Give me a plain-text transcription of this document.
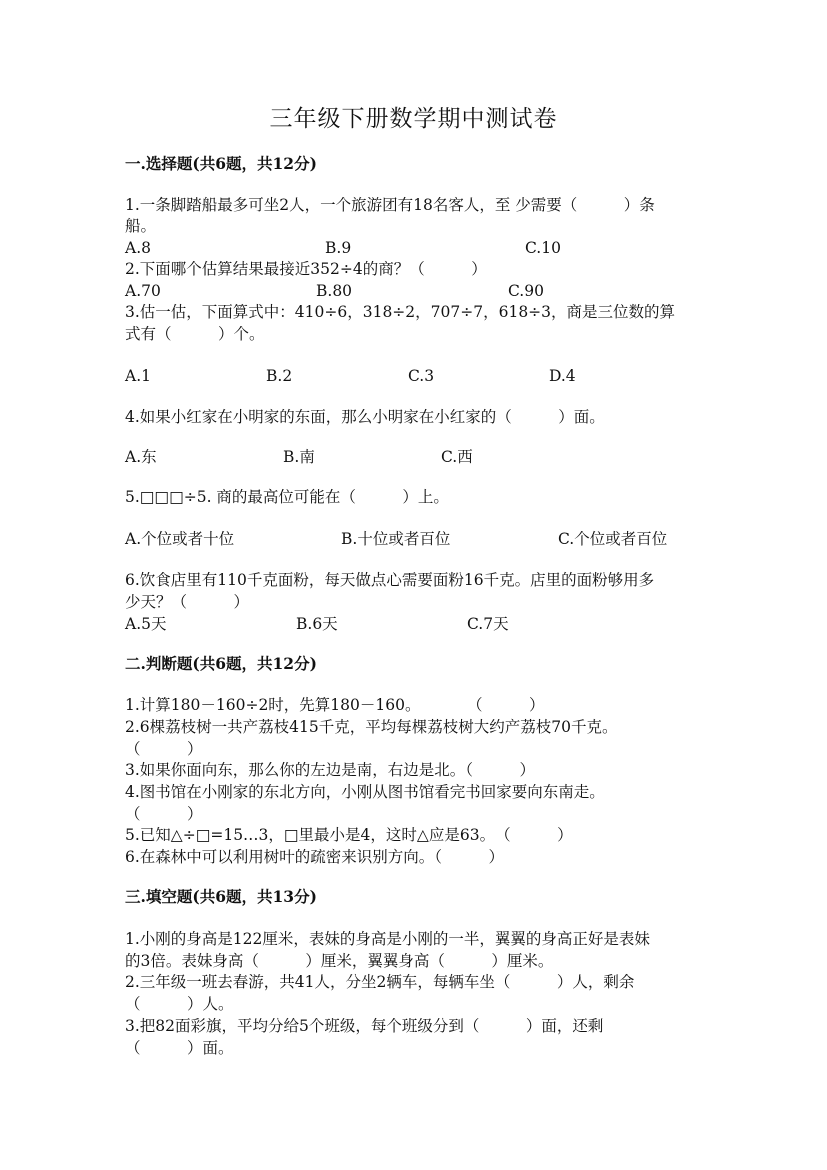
三年级下册数学期中测试卷
一.选择题(共6题，共12分)
1.一条脚踏船最多可坐2人，一个旅游团有18名客人，至 少需要（　　　）条
船。
A.8	B.9	C.10
2.下面哪个估算结果最接近352÷4的商？（　　　）
A.70	B.80	C.90
3.估一估，下面算式中：410÷6，318÷2，707÷7，618÷3，商是三位数的算
式有（　　　）个。
A.1	B.2	C.3	D.4
4.如果小红家在小明家的东面，那么小明家在小红家的（　　　）面。
A.东	B.南	C.西
5.□□□÷5. 商的最高位可能在（　　　）上。
A.个位或者十位	B.十位或者百位	C.个位或者百位
6.饮食店里有110千克面粉，每天做点心需要面粉16千克。店里的面粉够用多
少天？（　　　）
A.5天	B.6天	C.7天
二.判断题(共6题，共12分)
1.计算180－160÷2时，先算180－160。　　　　（　　　）
2.6棵荔枝树一共产荔枝415千克，平均每棵荔枝树大约产荔枝70千克。
（　　　）
3.如果你面向东，那么你的左边是南，右边是北。（　　　）
4.图书馆在小刚家的东北方向，小刚从图书馆看完书回家要向东南走。
（　　　）
5.已知△÷□=15…3，□里最小是4，这时△应是63。　（　　　）
6.在森林中可以利用树叶的疏密来识别方向。（　　　）
三.填空题(共6题，共13分)
1.小刚的身高是122厘米，表妹的身高是小刚的一半，翼翼的身高正好是表妹
的3倍。表妹身高（　　　）厘米，翼翼身高（　　　）厘米。
2.三年级一班去春游，共41人，分坐2辆车，每辆车坐（　　　）人，剩余
（　　　）人。
3.把82面彩旗，平均分给5个班级，每个班级分到（　　　）面，还剩
（　　　）面。
